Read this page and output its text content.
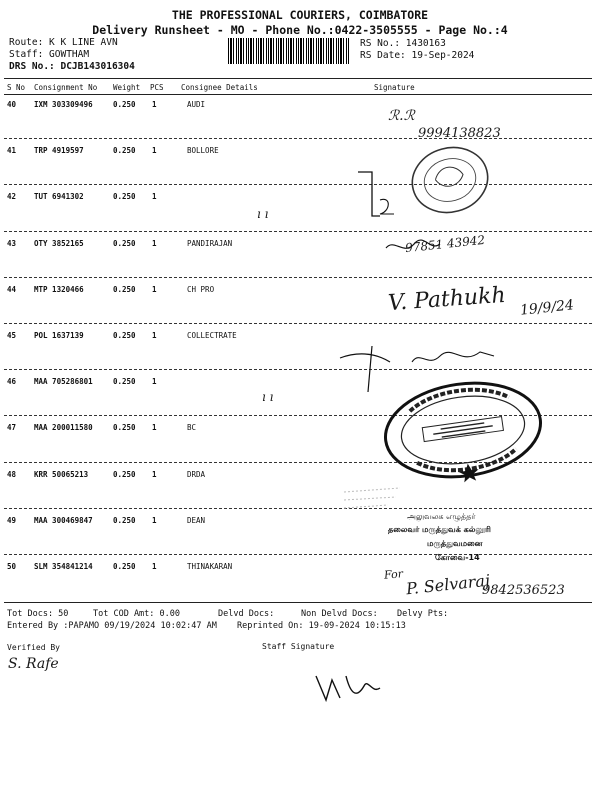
THE PROFESSIONAL COURIERS, COIMBATORE
Delivery Runsheet - MO - Phone No.:0422-3505555 - Page No.:4
Route: K K LINE AVN
Staff: GOWTHAM
DRS No.: DCJB143016304
RS No.: 1430163
RS Date: 19-Sep-2024
S No Consignment No Weight PCS Consignee Details	Signature
40 IXM 303309496	0.250 1	AUDI
41 TRP 4919597	0.250 1	BOLLORE
42 TUT 6941302	0.250 1
43 OTY 3852165	0.250 1	PANDIRAJAN
44 MTP 1320466	0.250 1	CH PRO
45 POL 1637139	0.250 1	COLLECTRATE
46 MAA 705286801	0.250 1
47 MAA 200011580	0.250 1	BC
48 KRR 50065213	0.250 1	DRDA
49 MAA 300469847	0.250 1	DEAN
50 SLM 354841214	0.250 1	THINAKARAN
ℛ.ℛ
9994138823
97851 43942
V. Pathukh 19/9/24
ı ı
ı ı
For P. Selvaraj
9842536523
அலுவலக எழுத்தர்
தலைவர் மருத்துவக் கல்லூரி
மருத்துவமனை
கோவை-14
Tot Docs: 50	Tot COD Amt: 0.00	Delvd Docs:	Non Delvd Docs: Delvy Pts:
Entered By :PAPAMO 09/19/2024 10:02:47 AM Reprinted On: 19-09-2024 10:15:13
Verified By	Staff Signature
S. Rafe
